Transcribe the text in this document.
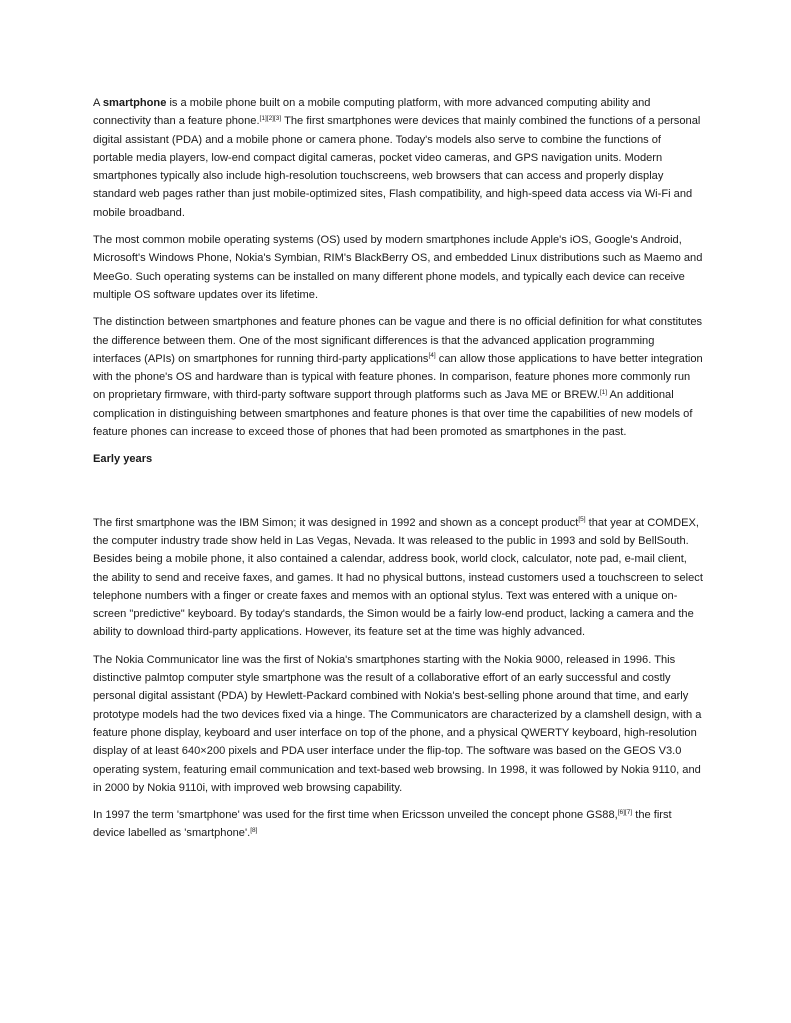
A smartphone is a mobile phone built on a mobile computing platform, with more advanced computing ability and connectivity than a feature phone.[1][2][3] The first smartphones were devices that mainly combined the functions of a personal digital assistant (PDA) and a mobile phone or camera phone. Today's models also serve to combine the functions of portable media players, low-end compact digital cameras, pocket video cameras, and GPS navigation units. Modern smartphones typically also include high-resolution touchscreens, web browsers that can access and properly display standard web pages rather than just mobile-optimized sites, Flash compatibility, and high-speed data access via Wi-Fi and mobile broadband.

The most common mobile operating systems (OS) used by modern smartphones include Apple's iOS, Google's Android, Microsoft's Windows Phone, Nokia's Symbian, RIM's BlackBerry OS, and embedded Linux distributions such as Maemo and MeeGo. Such operating systems can be installed on many different phone models, and typically each device can receive multiple OS software updates over its lifetime.

The distinction between smartphones and feature phones can be vague and there is no official definition for what constitutes the difference between them. One of the most significant differences is that the advanced application programming interfaces (APIs) on smartphones for running third-party applications[4] can allow those applications to have better integration with the phone's OS and hardware than is typical with feature phones. In comparison, feature phones more commonly run on proprietary firmware, with third-party software support through platforms such as Java ME or BREW.[1] An additional complication in distinguishing between smartphones and feature phones is that over time the capabilities of new models of feature phones can increase to exceed those of phones that had been promoted as smartphones in the past.

Early years

The first smartphone was the IBM Simon; it was designed in 1992 and shown as a concept product[5] that year at COMDEX, the computer industry trade show held in Las Vegas, Nevada. It was released to the public in 1993 and sold by BellSouth. Besides being a mobile phone, it also contained a calendar, address book, world clock, calculator, note pad, e-mail client, the ability to send and receive faxes, and games. It had no physical buttons, instead customers used a touchscreen to select telephone numbers with a finger or create faxes and memos with an optional stylus. Text was entered with a unique on-screen "predictive" keyboard. By today's standards, the Simon would be a fairly low-end product, lacking a camera and the ability to download third-party applications. However, its feature set at the time was highly advanced.

The Nokia Communicator line was the first of Nokia's smartphones starting with the Nokia 9000, released in 1996. This distinctive palmtop computer style smartphone was the result of a collaborative effort of an early successful and costly personal digital assistant (PDA) by Hewlett-Packard combined with Nokia's best-selling phone around that time, and early prototype models had the two devices fixed via a hinge. The Communicators are characterized by a clamshell design, with a feature phone display, keyboard and user interface on top of the phone, and a physical QWERTY keyboard, high-resolution display of at least 640×200 pixels and PDA user interface under the flip-top. The software was based on the GEOS V3.0 operating system, featuring email communication and text-based web browsing. In 1998, it was followed by Nokia 9110, and in 2000 by Nokia 9110i, with improved web browsing capability.

In 1997 the term 'smartphone' was used for the first time when Ericsson unveiled the concept phone GS88,[6][7] the first device labelled as 'smartphone'.[8]
